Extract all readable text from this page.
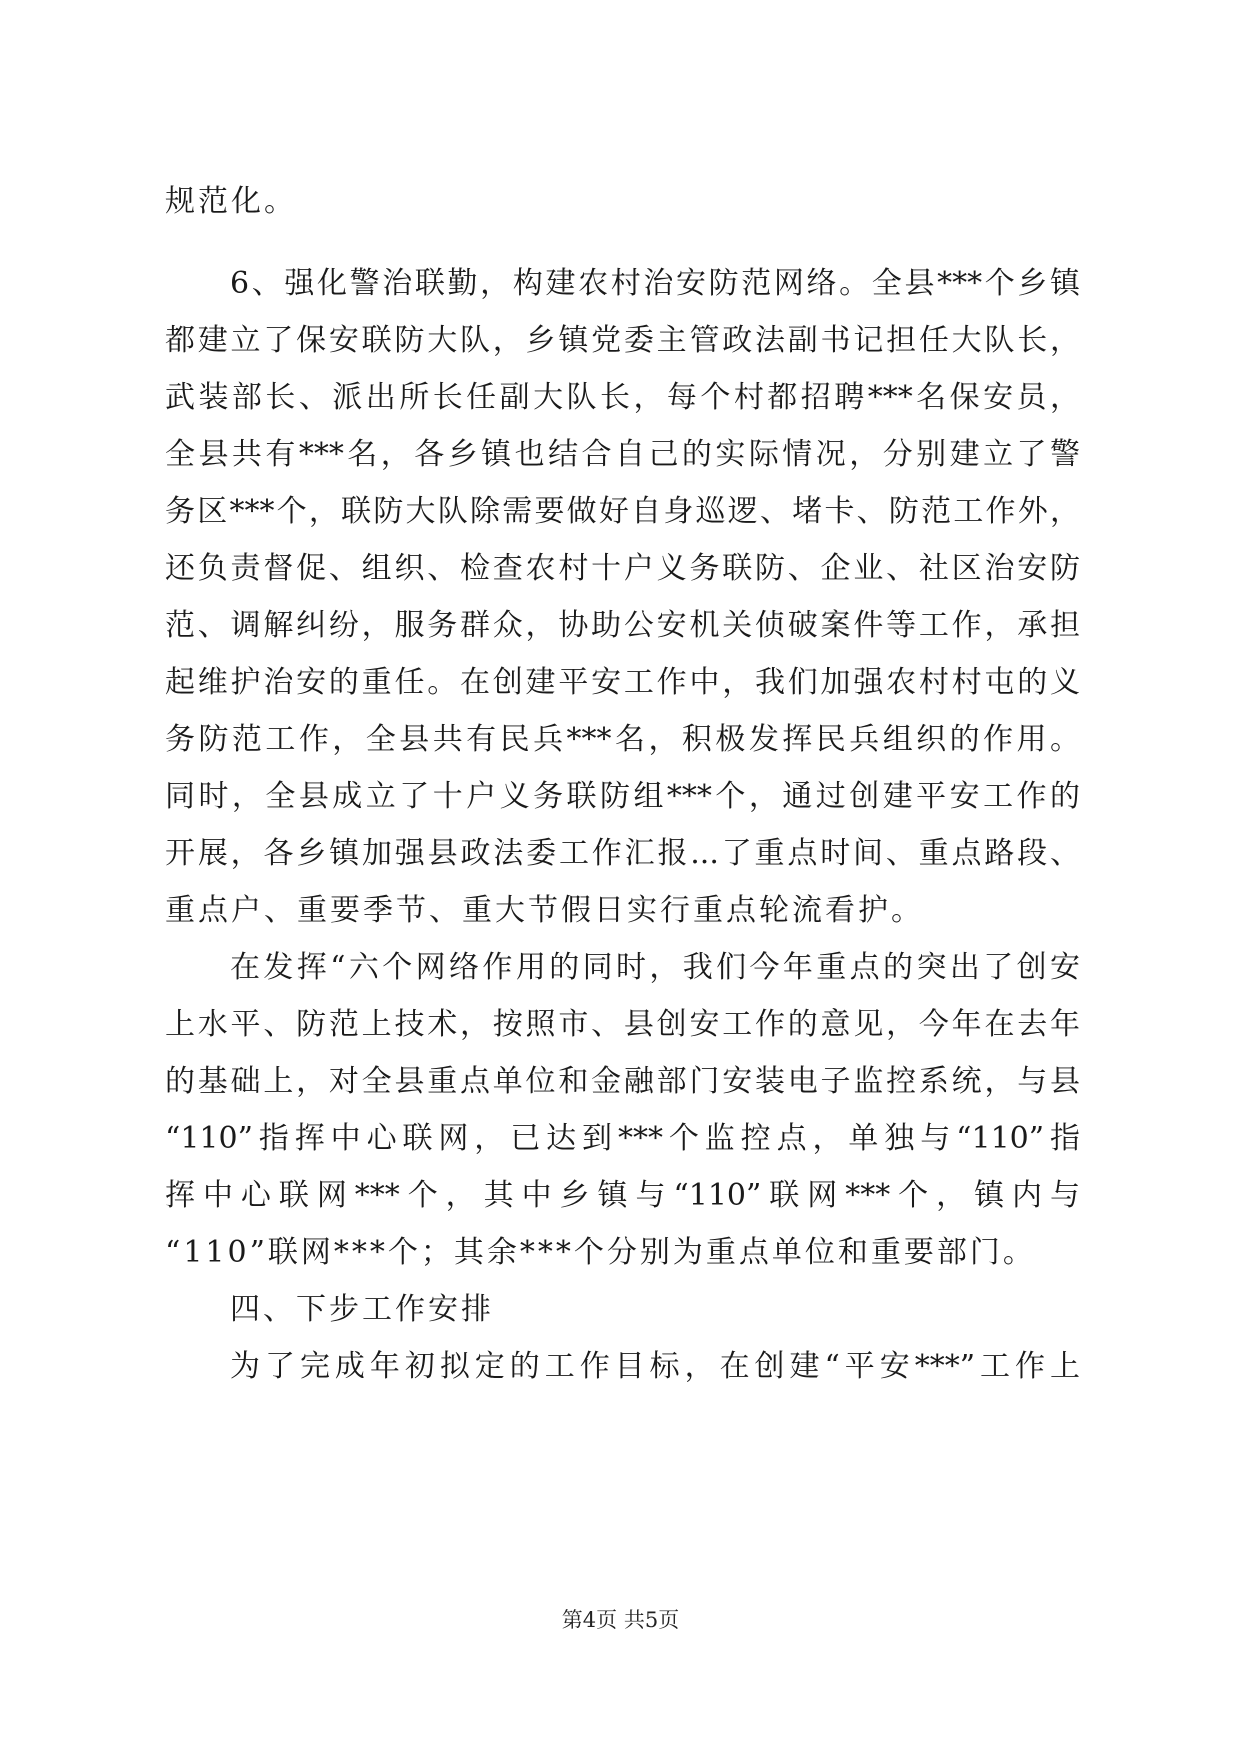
规范化。
6、强化警治联勤，构建农村治安防范网络。全县***个乡镇
都建立了保安联防大队，乡镇党委主管政法副书记担任大队长，
武装部长、派出所长任副大队长，每个村都招聘***名保安员，
全县共有***名，各乡镇也结合自己的实际情况，分别建立了警
务区***个，联防大队除需要做好自身巡逻、堵卡、防范工作外，
还负责督促、组织、检查农村十户义务联防、企业、社区治安防
范、调解纠纷，服务群众，协助公安机关侦破案件等工作，承担
起维护治安的重任。在创建平安工作中，我们加强农村村屯的义
务防范工作，全县共有民兵***名，积极发挥民兵组织的作用。
同时，全县成立了十户义务联防组***个，通过创建平安工作的
开展，各乡镇加强县政法委工作汇报...了重点时间、重点路段、
重点户、重要季节、重大节假日实行重点轮流看护。
在发挥“六个网络作用的同时，我们今年重点的突出了创安
上水平、防范上技术，按照市、县创安工作的意见，今年在去年
的基础上，对全县重点单位和金融部门安装电子监控系统，与县
“110”指挥中心联网，已达到***个监控点，单独与“110”指
挥中心联网***个，其中乡镇与“110”联网***个，镇内与
“110”联网***个；其余***个分别为重点单位和重要部门。
四、下步工作安排
为了完成年初拟定的工作目标，在创建“平安***”工作上
第4页 共5页
